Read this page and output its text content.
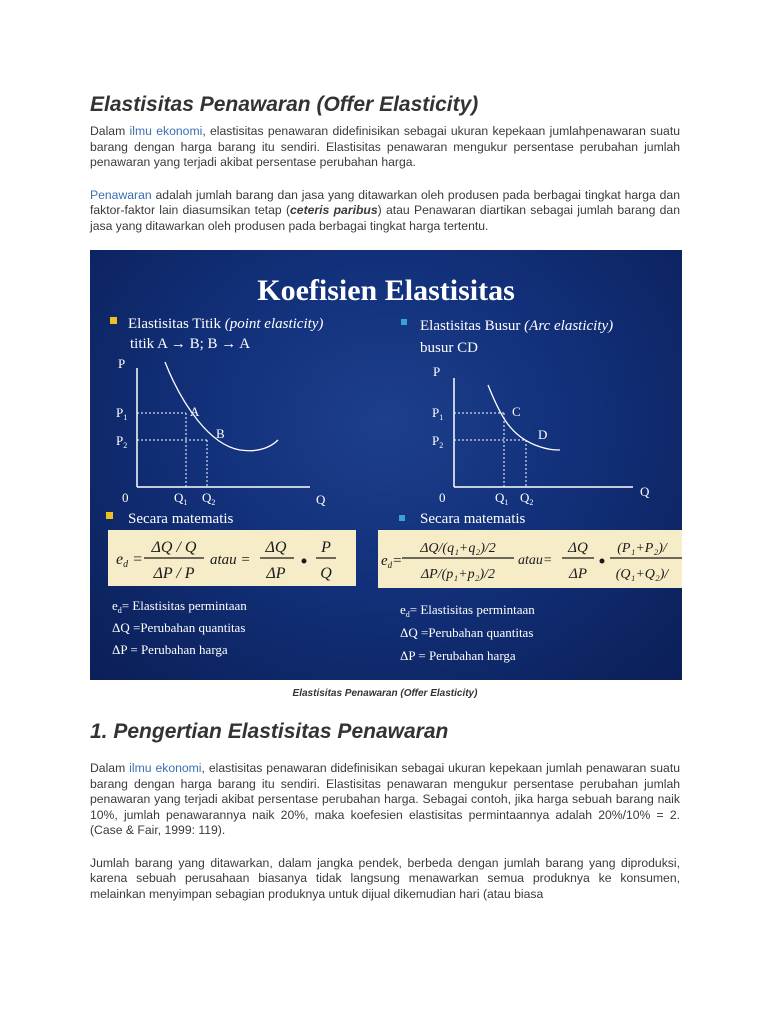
Elastisitas Penawaran (Offer Elasticity)

Dalam ilmu ekonomi, elastisitas penawaran didefinisikan sebagai ukuran kepekaan jumlahpenawaran suatu barang dengan harga barang itu sendiri. Elastisitas penawaran mengukur persentase perubahan jumlah penawaran yang terjadi akibat persentase perubahan harga.

Penawaran adalah jumlah barang dan jasa yang ditawarkan oleh produsen pada berbagai tingkat harga dan faktor-faktor lain diasumsikan tetap (ceteris paribus) atau Penawaran diartikan sebagai jumlah barang dan jasa yang ditawarkan oleh produsen pada berbagai tingkat harga tertentu.

Koefisien Elastisitas
Elastisitas Titik (point elasticity)
titik A → B; B → A
Elastisitas Busur (Arc elasticity)
busur CD
P
$P_1$
$P_2$
A
B
0	$Q_1$ $Q_2$	Q
P
$P_1$
$P_2$
C
D
0	$Q_1$ $Q_2$
Q
Secara matematis	Secara matematis
ed =
ΔQ / Q
ΔP / P
atau =
ΔQ
ΔP
P
Q
$e_d=$
ΔQ/(q₁+q₂)/2
ΔP/(p₁+p₂)/2
atau=
ΔQ
ΔP
(P₁+P₂)/
(Q₁+Q₂)/
$e_d=$ Elastisitas permintaan
ΔQ =Perubahan quantitas
ΔP = Perubahan harga
$e_d=$ Elastisitas permintaan
ΔQ =Perubahan quantitas
ΔP = Perubahan harga
Elastisitas Penawaran (Offer Elasticity)
1. Pengertian Elastisitas Penawaran

Dalam ilmu ekonomi, elastisitas penawaran didefinisikan sebagai ukuran kepekaan jumlah penawaran suatu barang dengan harga barang itu sendiri. Elastisitas penawaran mengukur persentase perubahan jumlah penawaran yang terjadi akibat persentase perubahan harga. Sebagai contoh, jika harga sebuah barang naik 10%, jumlah penawarannya naik 20%, maka koefesien elastisitas permintaannya adalah 20%/10% = 2. (Case & Fair, 1999: 119).

Jumlah barang yang ditawarkan, dalam jangka pendek, berbeda dengan jumlah barang yang diproduksi, karena sebuah perusahaan biasanya tidak langsung menawarkan semua produknya ke konsumen, melainkan menyimpan sebagian produknya untuk dijual dikemudian hari (atau biasa
